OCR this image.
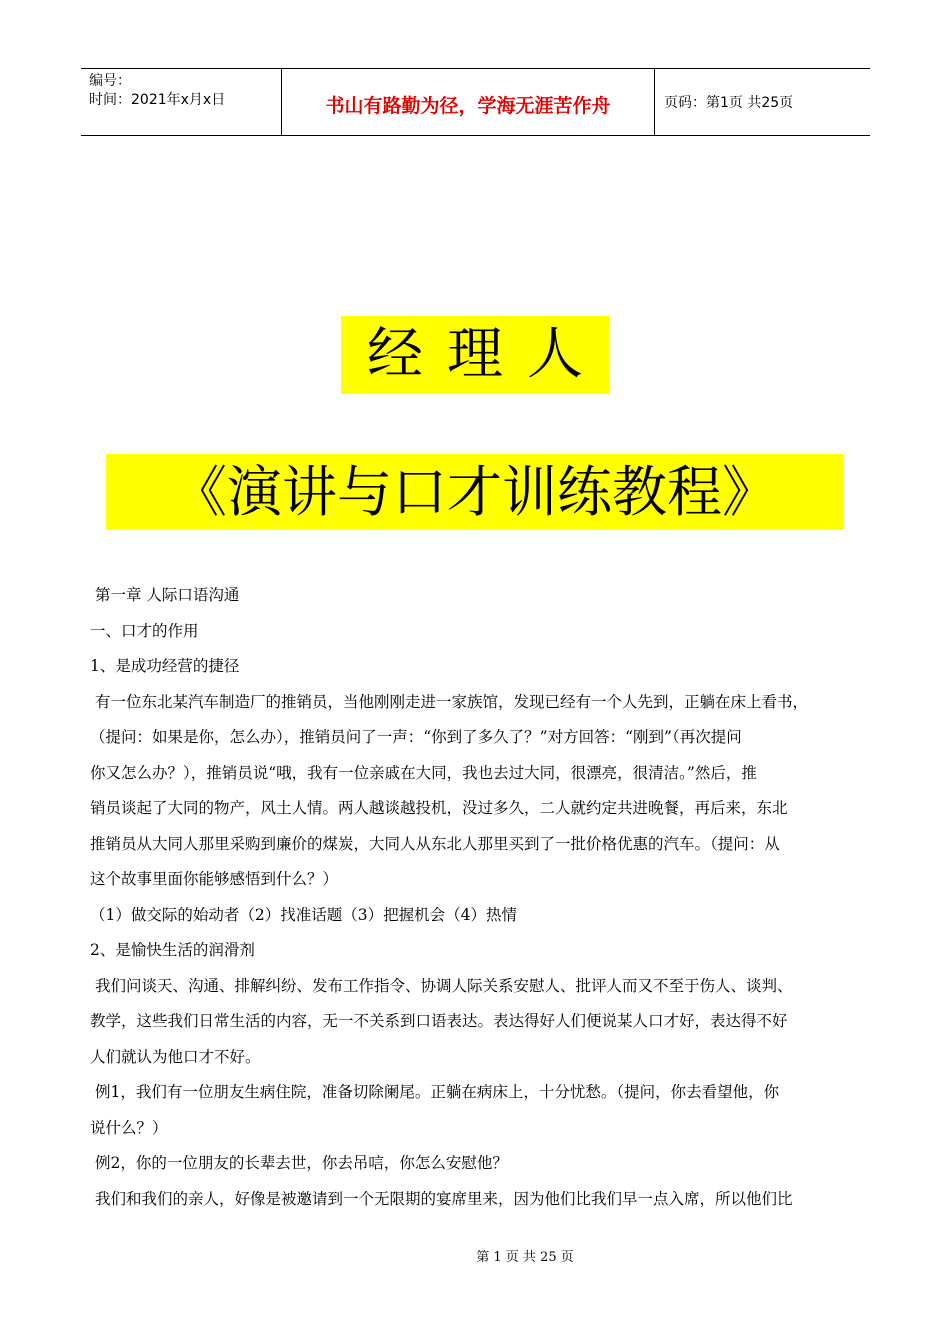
编号：
时间：2021年x月x日	书山有路勤为径，学海无涯苦作舟	页码：第1页 共25页
经理人
《演讲与口才训练教程》

第一章 人际口语沟通

一、口才的作用

1、是成功经营的捷径

有一位东北某汽车制造厂的推销员，当他刚刚走进一家族馆，发现已经有一个人先到，正躺在床上看书，

（提问：如果是你，怎么办），推销员问了一声：“你到了多久了？”对方回答：“刚到”（再次提问

你又怎么办？），推销员说“哦，我有一位亲戚在大同，我也去过大同，很漂亮，很清洁。”然后，推

销员谈起了大同的物产，风土人情。两人越谈越投机，没过多久，二人就约定共进晚餐，再后来，东北

推销员从大同人那里采购到廉价的煤炭，大同人从东北人那里买到了一批价格优惠的汽车。（提问：从

这个故事里面你能够感悟到什么？）

（1）做交际的始动者（2）找准话题（3）把握机会（4）热情

2、是愉快生活的润滑剂

我们问谈天、沟通、排解纠纷、发布工作指令、协调人际关系安慰人、批评人而又不至于伤人、谈判、

教学，这些我们日常生活的内容，无一不关系到口语表达。表达得好人们便说某人口才好，表达得不好

人们就认为他口才不好。

例1，我们有一位朋友生病住院，准备切除阑尾。正躺在病床上，十分忧愁。（提问，你去看望他，你

说什么？）

例2，你的一位朋友的长辈去世，你去吊唁，你怎么安慰他？

我们和我们的亲人，好像是被邀请到一个无限期的宴席里来，因为他们比我们早一点入席，所以他们比

第 1 页 共 25 页
